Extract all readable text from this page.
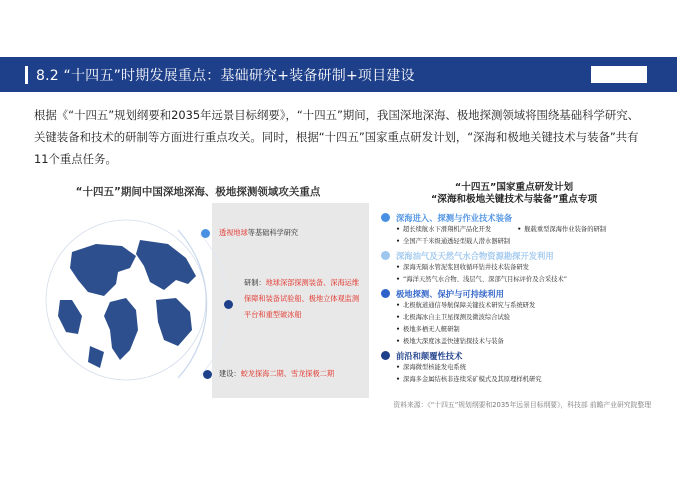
8.2 “十四五”时期发展重点：基础研究+装备研制+项目建设
根据《“十四五”规划纲要和2035年远景目标纲要》，“十四五”期间，我国深地深海、极地探测领域将围绕基础科学研究、关键装备和技术的研制等方面进行重点攻关。同时，根据“十四五”国家重点研发计划，“深海和极地关键技术与装备”共有11个重点任务。
“十四五”期间中国深地深海、极地探测领域攻关重点
透视地球等基础科学研究
研制：地球深部探测装备、深海运维保障和装备试验船、极地立体观监测平台和重型破冰船
建设：蛟龙探海二期、雪龙探极二期
“十四五”国家重点研发计划
“深海和极地关键技术与装备”重点专项
深海进入、探测与作业技术装备
• 超长续航水下滑翔机产品化开发	• 舰载重型深海作业装备的研制
• 全国产千米级通透轻型载人潜水器研制
深海油气及天然气水合物资源勘探开发利用
• 深海无隔水管泥浆回收循环钻井技术装备研发
• “海洋天然气水合物、浅层气、深部气目标评价及合采技术”
极地探测、保护与可持续利用
• 北极航道通信导航保障关键技术研究与系统研发
• 北极海冰自主卫星探测及微波综合试验
• 极地多栖无人艇研制
• 极地大深度冰盖快速钻探技术与装备
前沿和颠覆性技术
• 深海微型核能发电系统
• 深海多金属结核非连续采矿模式及其原理样机研究
资料来源：《“十四五”规划纲要和2035年远景目标纲要》，科技部 前瞻产业研究院整理
